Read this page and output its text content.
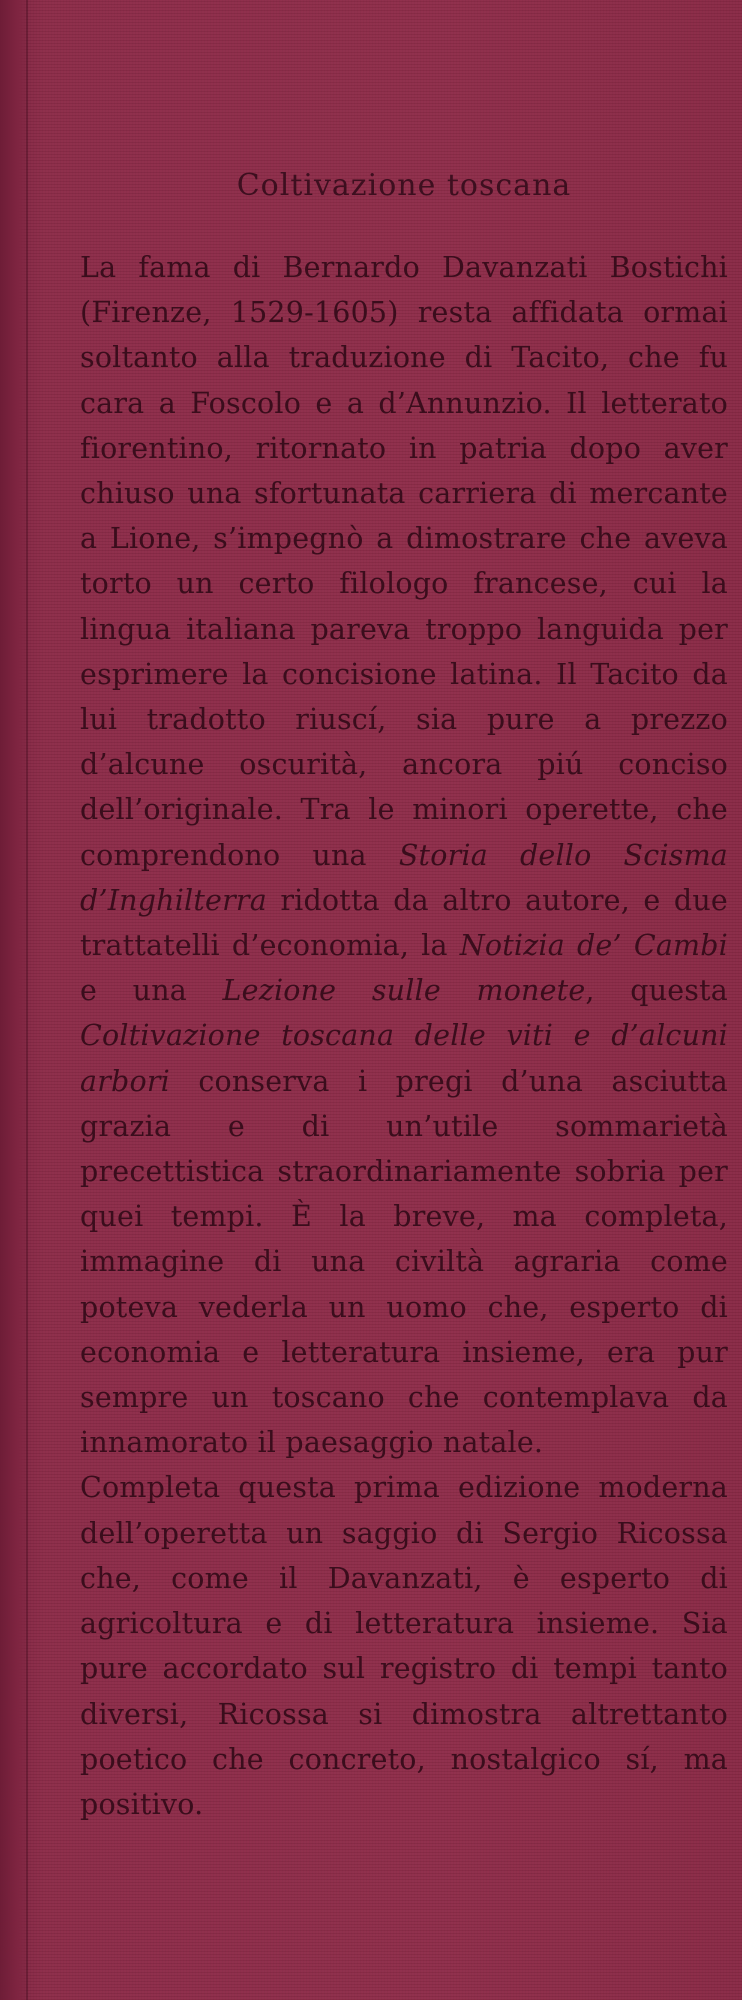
Coltivazione toscana

La fama di Bernardo Davanzati Bostichi (Firenze, 1529-1605) resta affidata ormai soltanto alla traduzione di Tacito, che fu cara a Foscolo e a d’Annunzio. Il letterato fiorentino, ritornato in patria dopo aver chiuso una sfortunata carriera di mercante a Lione, s’impegnò a dimostrare che aveva torto un certo filologo francese, cui la lingua italiana pareva troppo languida per esprimere la concisione latina. Il Tacito da lui tradotto riuscí, sia pure a prezzo d’alcune oscurità, ancora piú conciso dell’originale. Tra le minori operette, che comprendono una Storia dello Scisma d’Inghilterra ridotta da altro autore, e due trattatelli d’economia, la Notizia de’ Cambi e una Lezione sulle monete, questa Coltivazione toscana delle viti e d’alcuni arbori conserva i pregi d’una asciutta grazia e di un’utile sommarietà precettistica straordinariamente sobria per quei tempi. È la breve, ma completa, immagine di una civiltà agraria come poteva vederla un uomo che, esperto di economia e letteratura insieme, era pur sempre un toscano che contemplava da innamorato il paesaggio natale.

Completa questa prima edizione moderna dell’operetta un saggio di Sergio Ricossa che, come il Davanzati, è esperto di agricoltura e di letteratura insieme. Sia pure accordato sul registro di tempi tanto diversi, Ricossa si dimostra altrettanto poetico che concreto, nostalgico sí, ma positivo.
